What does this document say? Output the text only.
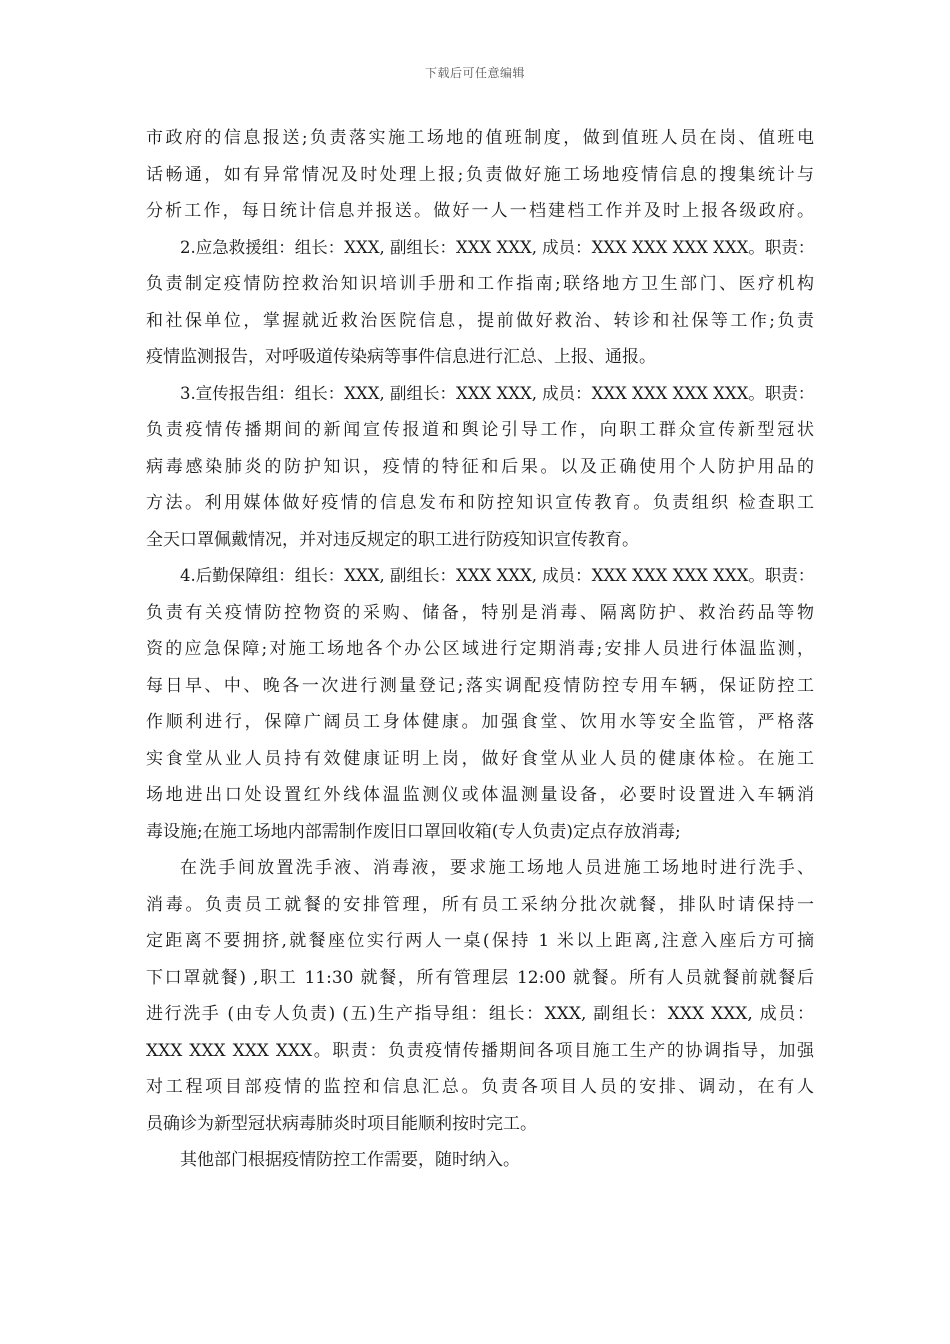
下载后可任意编辑
市政府的信息报送;负责落实施工场地的值班制度，做到值班人员在岗、值班电
话畅通，如有异常情况及时处理上报;负责做好施工场地疫情信息的搜集统计与
分析工作，每日统计信息并报送。做好一人一档建档工作并及时上报各级政府。
2.应急救援组：组长：XXX, 副组长：XXX XXX, 成员：XXX XXX XXX XXX。职责：
负责制定疫情防控救治知识培训手册和工作指南;联络地方卫生部门、医疗机构
和社保单位，掌握就近救治医院信息，提前做好救治、转诊和社保等工作;负责
疫情监测报告，对呼吸道传染病等事件信息进行汇总、上报、通报。
3.宣传报告组：组长：XXX, 副组长：XXX XXX, 成员：XXX XXX XXX XXX。职责：
负责疫情传播期间的新闻宣传报道和舆论引导工作，向职工群众宣传新型冠状
病毒感染肺炎的防护知识，疫情的特征和后果。以及正确使用个人防护用品的
方法。利用媒体做好疫情的信息发布和防控知识宣传教育。负责组织 检查职工
全天口罩佩戴情况，并对违反规定的职工进行防疫知识宣传教育。
4.后勤保障组：组长：XXX, 副组长：XXX XXX, 成员：XXX XXX XXX XXX。职责：
负责有关疫情防控物资的采购、储备，特别是消毒、隔离防护、救治药品等物
资的应急保障;对施工场地各个办公区域进行定期消毒;安排人员进行体温监测，
每日早、中、晚各一次进行测量登记;落实调配疫情防控专用车辆，保证防控工
作顺利进行，保障广阔员工身体健康。加强食堂、饮用水等安全监管，严格落
实食堂从业人员持有效健康证明上岗，做好食堂从业人员的健康体检。在施工
场地进出口处设置红外线体温监测仪或体温测量设备，必要时设置进入车辆消
毒设施;在施工场地内部需制作废旧口罩回收箱(专人负责)定点存放消毒;
在洗手间放置洗手液、消毒液，要求施工场地人员进施工场地时进行洗手、
消毒。负责员工就餐的安排管理，所有员工采纳分批次就餐，排队时请保持一
定距离不要拥挤,就餐座位实行两人一桌(保持 1 米以上距离,注意入座后方可摘
下口罩就餐) ,职工 11:30 就餐，所有管理层 12:00 就餐。所有人员就餐前就餐后
进行洗手 (由专人负责) (五)生产指导组：组长：XXX, 副组长：XXX XXX, 成员：
XXX XXX XXX XXX。职责：负责疫情传播期间各项目施工生产的协调指导，加强
对工程项目部疫情的监控和信息汇总。负责各项目人员的安排、调动，在有人
员确诊为新型冠状病毒肺炎时项目能顺利按时完工。
其他部门根据疫情防控工作需要，随时纳入。
